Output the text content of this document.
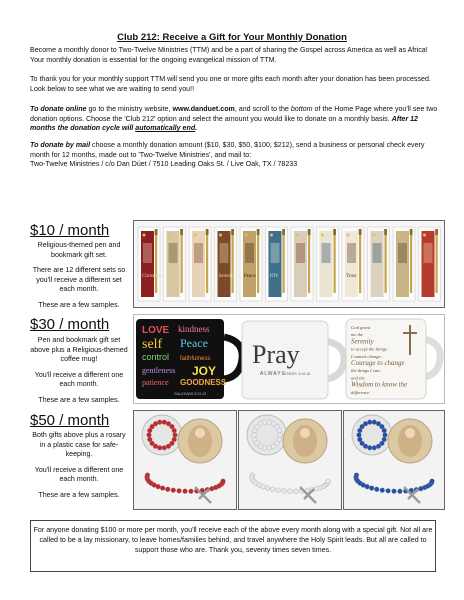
Club 212: Receive a Gift for Your Monthly Donation
Become a monthly donor to Two-Twelve Ministries (TTM) and be a part of sharing the Gospel across America as well as Africa! Your monthly donation is essential for the ongoing evangelical mission of TTM.
To thank you for your monthly support TTM will send you one or more gifts each month after your donation has been processed. Look below to see what we are waiting to send you!!
To donate online go to the ministry website, www.danduet.com, and scroll to the bottom of the Home Page where you'll see two donation options. Choose the 'Club 212' option and select the amount you would like to donate on a monthly basis. After 12 months the donation cycle will automatically end.
To donate by mail choose a monthly donation amount ($10, $30, $50, $100, $212), send a business or personal check every month for 12 months, made out to 'Two-Twelve Ministries', and mail to:
Two-Twelve Ministries / c/o Dan Dúet / 7510 Leading Oaks St. / Live Oak, TX / 78233
$10 / month

Religious-themed pen and bookmark gift set.

There are 12 different sets so you'll receive a different set each month.

These are a few samples.

Christmas	Serenity Peace	JOY	Trust
$30 / month

Pen and bookmark gift set above plus a Religious-themed coffee mug!

You'll receive a different one each month.

These are a few samples.

LOVE kindness
self Peace
control faithfulness
gentleness JOY
patience GOODNESS
GALATIANS 5:22-23
Pray
ALWAYS
1 THESS. 5:16-18
God grant
me the
Serenity
to accept the things
I cannot change;
Courage to change
the things I can;
and the
Wisdom to know the
difference.
$50 / month

Both gifts above plus a rosary in a plastic case for safe-keeping.

You'll receive a different one each month.

These are a few samples.

For anyone donating $100 or more per month, you'll receive each of the above every month along with a special gift. Not all are called to be a lay missionary, to leave homes/families behind, and travel anywhere the Holy Spirit leads. But all are called to support those who are. Thank you, seventy times seven times.
